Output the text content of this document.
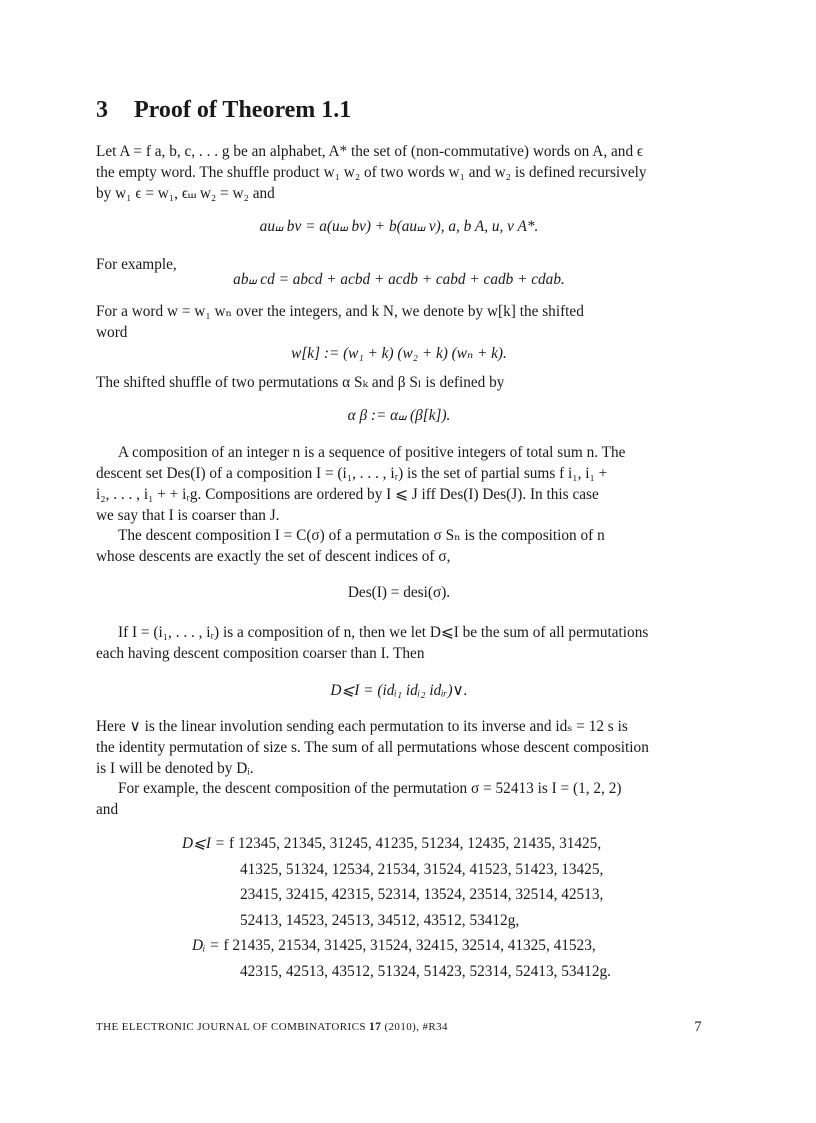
3 Proof of Theorem 1.1
Let A = f a, b, c, . . . g be an alphabet, A* the set of (non-commutative) words on A, and ϵ
the empty word. The shuffle product w₁ w₂ of two words w₁ and w₂ is defined recursively
by w₁ ϵ = w₁, ϵ⧢ w₂ = w₂ and
au⧢ bv = a(u⧢ bv) + b(au⧢ v), a, b A, u, v A*.
For example,
ab⧢ cd = abcd + acbd + acdb + cabd + cadb + cdab.
For a word w = w₁ wₙ over the integers, and k N, we denote by w[k] the shifted
word
w[k] := (w₁ + k) (w₂ + k) (wₙ + k).
The shifted shuffle of two permutations α Sₖ and β Sₗ is defined by
α β := α⧢ (β[k]).
A composition of an integer n is a sequence of positive integers of total sum n. The
descent set Des(I) of a composition I = (i₁, . . . , iᵣ) is the set of partial sums f i₁, i₁ +
i₂, . . . , i₁ + + iᵣg. Compositions are ordered by I ⩽ J iff Des(I) Des(J). In this case
we say that I is coarser than J.
The descent composition I = C(σ) of a permutation σ Sₙ is the composition of n
whose descents are exactly the set of descent indices of σ,
Des(I) = desi(σ).
If I = (i₁, . . . , iᵣ) is a composition of n, then we let D⩽I be the sum of all permutations
each having descent composition coarser than I. Then
D⩽I = (idᵢ₁ idᵢ₂ idᵢᵣ)∨.
Here ∨ is the linear involution sending each permutation to its inverse and idₛ = 12 s is
the identity permutation of size s. The sum of all permutations whose descent composition
is I will be denoted by Dᵢ.
For example, the descent composition of the permutation σ = 52413 is I = (1, 2, 2)
and
D⩽I = f 12345, 21345, 31245, 41235, 51234, 12435, 21435, 31425,
41325, 51324, 12534, 21534, 31524, 41523, 51423, 13425,
23415, 32415, 42315, 52314, 13524, 23514, 32514, 42513,
52413, 14523, 24513, 34512, 43512, 53412g,
Dᵢ = f 21435, 21534, 31425, 31524, 32415, 32514, 41325, 41523,
42315, 42513, 43512, 51324, 51423, 52314, 52413, 53412g.
THE ELECTRONIC JOURNAL OF COMBINATORICS 17 (2010), #R34	7
